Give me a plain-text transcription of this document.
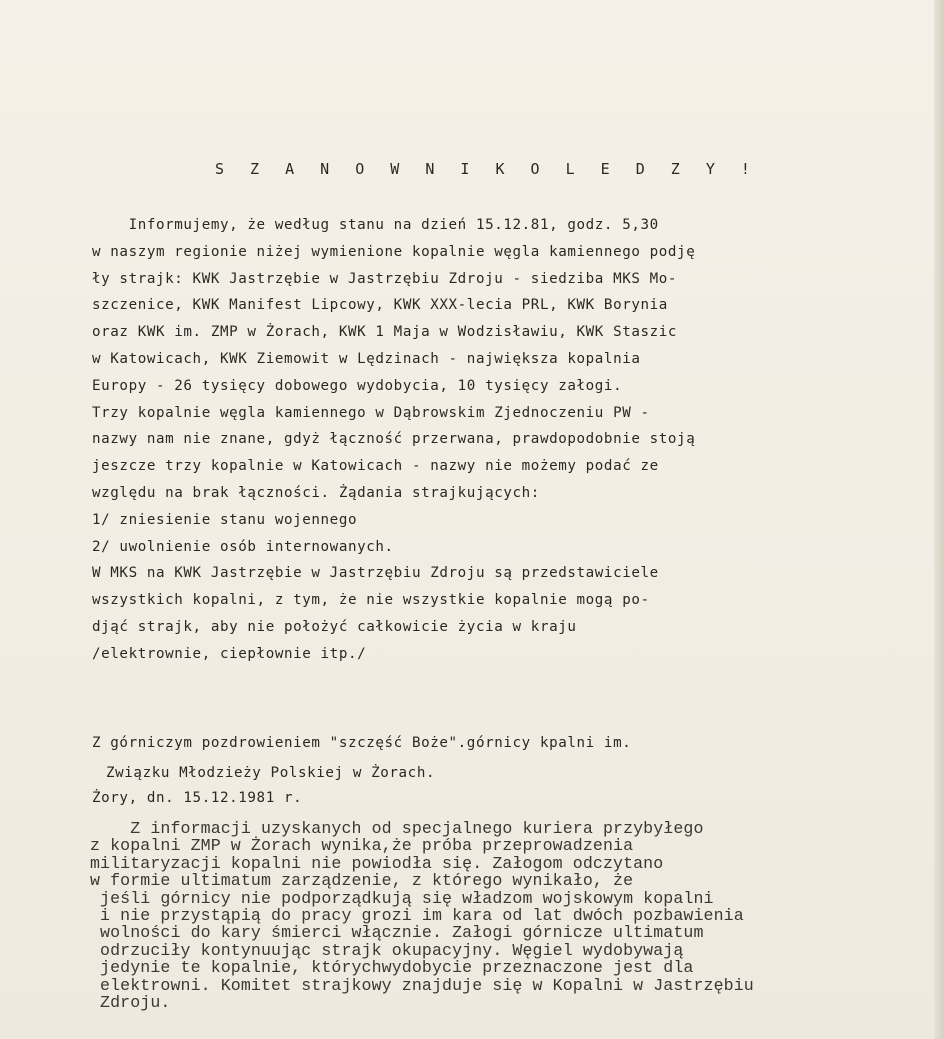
S Z A N O W N I K O L E D Z Y !
Informujemy, że według stanu na dzień 15.12.81, godz. 5,30
w naszym regionie niżej wymienione kopalnie węgla kamiennego podję
ły strajk: KWK Jastrzębie w Jastrzębiu Zdroju - siedziba MKS Mo-
szczenice, KWK Manifest Lipcowy, KWK XXX-lecia PRL, KWK Borynia
oraz KWK im. ZMP w Żorach, KWK 1 Maja w Wodzisławiu, KWK Staszic
w Katowicach, KWK Ziemowit w Lędzinach - największa kopalnia
Europy - 26 tysięcy dobowego wydobycia, 10 tysięcy załogi.
Trzy kopalnie węgla kamiennego w Dąbrowskim Zjednoczeniu PW -
nazwy nam nie znane, gdyż łączność przerwana, prawdopodobnie stoją
jeszcze trzy kopalnie w Katowicach - nazwy nie możemy podać ze
względu na brak łączności. Żądania strajkujących:
1/ zniesienie stanu wojennego
2/ uwolnienie osób internowanych.
W MKS na KWK Jastrzębie w Jastrzębiu Zdroju są przedstawiciele
wszystkich kopalni, z tym, że nie wszystkie kopalnie mogą po-
djąć strajk, aby nie położyć całkowicie życia w kraju
/elektrownie, ciepłownie itp./
Z górniczym pozdrowieniem "szczęść Boże".górnicy kpalni im.
Związku Młodzieży Polskiej w Żorach.
Żory, dn. 15.12.1981 r.
Z informacji uzyskanych od specjalnego kuriera przybyłego
z kopalni ZMP w Żorach wynika,że próba przeprowadzenia
militaryzacji kopalni nie powiodła się. Załogom odczytano
w formie ultimatum zarządzenie, z którego wynikało, że
jeśli górnicy nie podporządkują się władzom wojskowym kopalni
i nie przystąpią do pracy grozi im kara od lat dwóch pozbawienia
wolności do kary śmierci włącznie. Załogi górnicze ultimatum
odrzuciły kontynuując strajk okupacyjny. Węgiel wydobywają
jedynie te kopalnie, którychwydobycie przeznaczone jest dla
elektrowni. Komitet strajkowy znajduje się w Kopalni w Jastrzębiu
Zdroju.
